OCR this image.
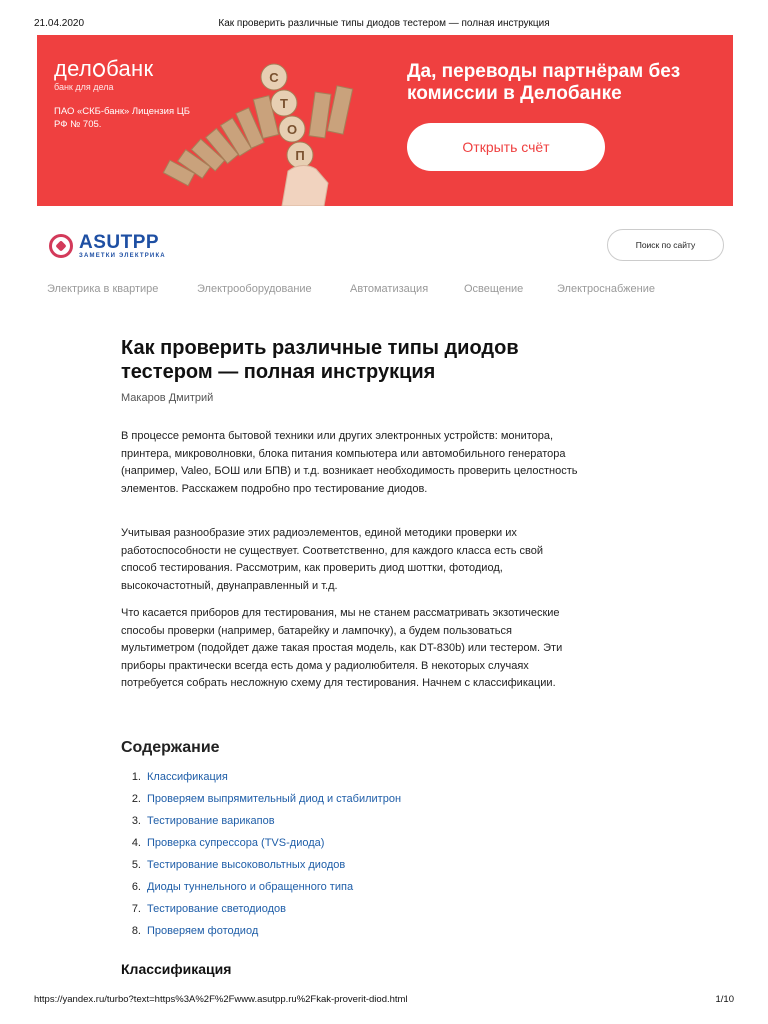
21.04.2020	Как проверить различные типы диодов тестером — полная инструкция
дел банк
банк для дела
ПАО «СКБ-банк» Лицензия ЦБ РФ № 705.
С
Т
О
П
Да, переводы партнёрам без комиссии в Делобанке
Открыть счёт
ASUTPP
ЗАМЕТКИ ЭЛЕКТРИКА
Поиск по сайту
Электрика в квартире	Электрооборудование	Автоматизация	Освещение	Электроснабжение
Как проверить различные типы диодов тестером — полная инструкция
Макаров Дмитрий

В процессе ремонта бытовой техники или других электронных устройств: монитора, принтера, микроволновки, блока питания компьютера или автомобильного генератора (например, Valeo, БОШ или БПВ) и т.д. возникает необходимость проверить целостность элементов. Расскажем подробно про тестирование диодов.

Учитывая разнообразие этих радиоэлементов, единой методики проверки их работоспособности не существует. Соответственно, для каждого класса есть свой способ тестирования. Рассмотрим, как проверить диод шоттки, фотодиод, высокочастотный, двунаправленный и т.д.

Что касается приборов для тестирования, мы не станем рассматривать экзотические способы проверки (например, батарейку и лампочку), а будем пользоваться мультиметром (подойдет даже такая простая модель, как DT-830b) или тестером. Эти приборы практически всегда есть дома у радиолюбителя. В некоторых случаях потребуется собрать несложную схему для тестирования. Начнем с классификации.

Содержание
1. Классификация
2. Проверяем выпрямительный диод и стабилитрон
3. Тестирование варикапов
4. Проверка супрессора (TVS-диода)
5. Тестирование высоковольтных диодов
6. Диоды туннельного и обращенного типа
7. Тестирование светодиодов
8. Проверяем фотодиод
Классификация
https://yandex.ru/turbo?text=https%3A%2F%2Fwww.asutpp.ru%2Fkak-proverit-diod.html	1/10
